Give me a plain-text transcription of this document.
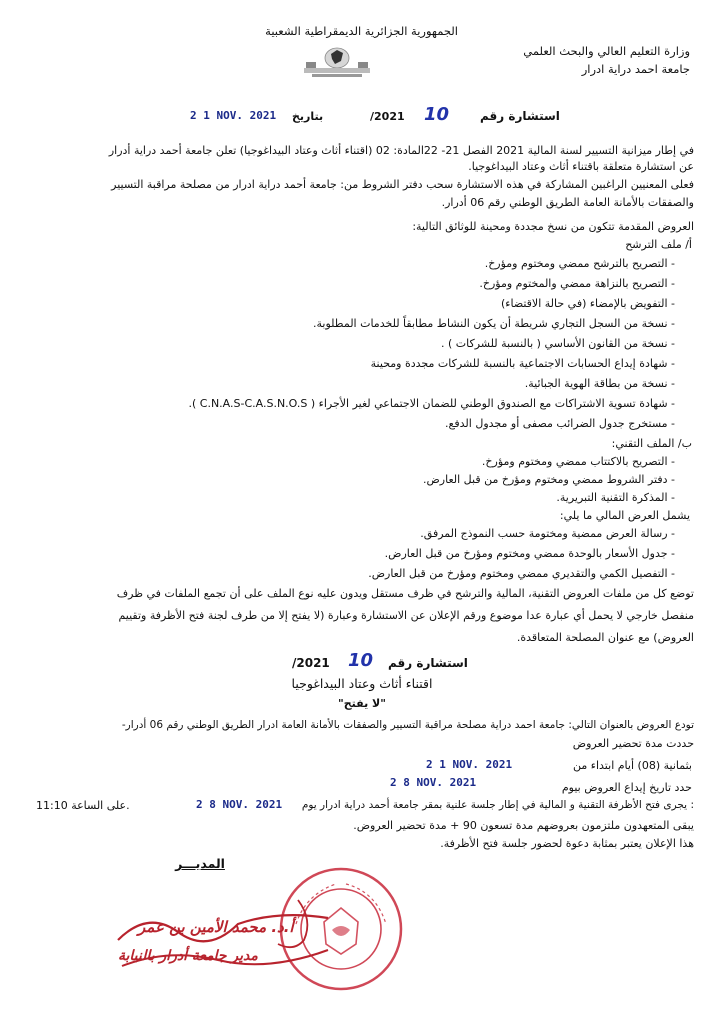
الجمهورية الجزائرية الديمقراطية الشعبية
وزارة التعليم العالي والبحث العلمي
جامعة احمد دراية ادرار
2 1 NOV. 2021 بتاريخ	/2021 10	استشارة رقم
في إطار ميزانية التسيير لسنة المالية 2021 الفصل 21- 22المادة: 02 (اقتناء أثاث وعتاد البيداغوجيا) تعلن جامعة أحمد دراية أدرار
عن استشارة متعلقة باقتناء أثاث وعتاد البيداغوجيا.
فعلى المعنيين الراغبين المشاركة في هذه الاستشارة سحب دفتر الشروط من: جامعة أحمد دراية ادرار من مصلحة مراقبة التسيير
والصفقات بالأمانة العامة الطريق الوطني رقم 06 أدرار.
العروض المقدمة تتكون من نسخ مجددة ومحينة للوثائق التالية:
أ/ ملف الترشح
- التصريح بالترشح ممضي ومختوم ومؤرخ.
- التصريح بالنزاهة ممضي والمختوم ومؤرخ.
- التفويض بالإمضاء (في حالة الاقتضاء)
- نسخة من السجل التجاري شريطة أن يكون النشاط مطابقاً للخدمات المطلوبة.
- نسخة من القانون الأساسي ( بالنسبة للشركات ) .
- شهادة إيداع الحسابات الاجتماعية بالنسبة للشركات مجددة ومحينة
- نسخة من بطاقة الهوية الجبائية.
- شهادة تسوية الاشتراكات مع الصندوق الوطني للضمان الاجتماعي لغير الأجراء ( C.N.A.S-C.A.S.N.O.S ).
- مستخرج جدول الضرائب مصفى أو مجدول الدفع.
ب/ الملف التقني:
- التصريح بالاكتتاب ممضي ومختوم ومؤرخ.
- دفتر الشروط ممضي ومختوم ومؤرخ من قبل العارض.
- المذكرة التقنية التبريرية.
يشمل العرض المالي ما يلي:
- رسالة العرض ممضية ومختومة حسب النموذج المرفق.
- جدول الأسعار بالوحدة ممضي ومختوم ومؤرخ من قبل العارض.
- التفصيل الكمي والتقديري ممضي ومختوم ومؤرخ من قبل العارض.
توضع كل من ملفات العروض التقنية، المالية والترشح في ظرف مستقل ويدون عليه نوع الملف على أن تجمع الملفات في ظرف
منفصل خارجي لا يحمل أي عبارة عدا موضوع ورقم الإعلان عن الاستشارة وعبارة (لا يفتح إلا من طرف لجنة فتح الأظرفة وتقييم
العروض) مع عنوان المصلحة المتعاقدة.
/2021 10 استشارة رقم
اقتناء أثاث وعتاد البيداغوجيا
"لا يفتح"
تودع العروض بالعنوان التالي: جامعة احمد دراية مصلحة مراقبة التسيير والصفقات بالأمانة العامة ادرار الطريق الوطني رقم 06 أدرار-
حددت مدة تحضير العروض
2 1 NOV. 2021	بثمانية (08) أيام ابتداء من
2 8 NOV. 2021	حدد تاريخ إيداع العروض بيوم
على الساعة 11:10.	2 8 NOV. 2021 يجرى فتح الأظرفة التقنية و المالية في إطار جلسة علنية بمقر جامعة أحمد دراية ادرار يوم :
يبقى المتعهدون ملتزمون بعروضهم مدة تسعون 90 + مدة تحضير العروض.
هذا الإعلان يعتبر بمثابة دعوة لحضور جلسة فتح الأظرفة.
المديـــر
أ.د. محمد الأمين بن عمر
مدير جامعة أدرار بالنيابة
